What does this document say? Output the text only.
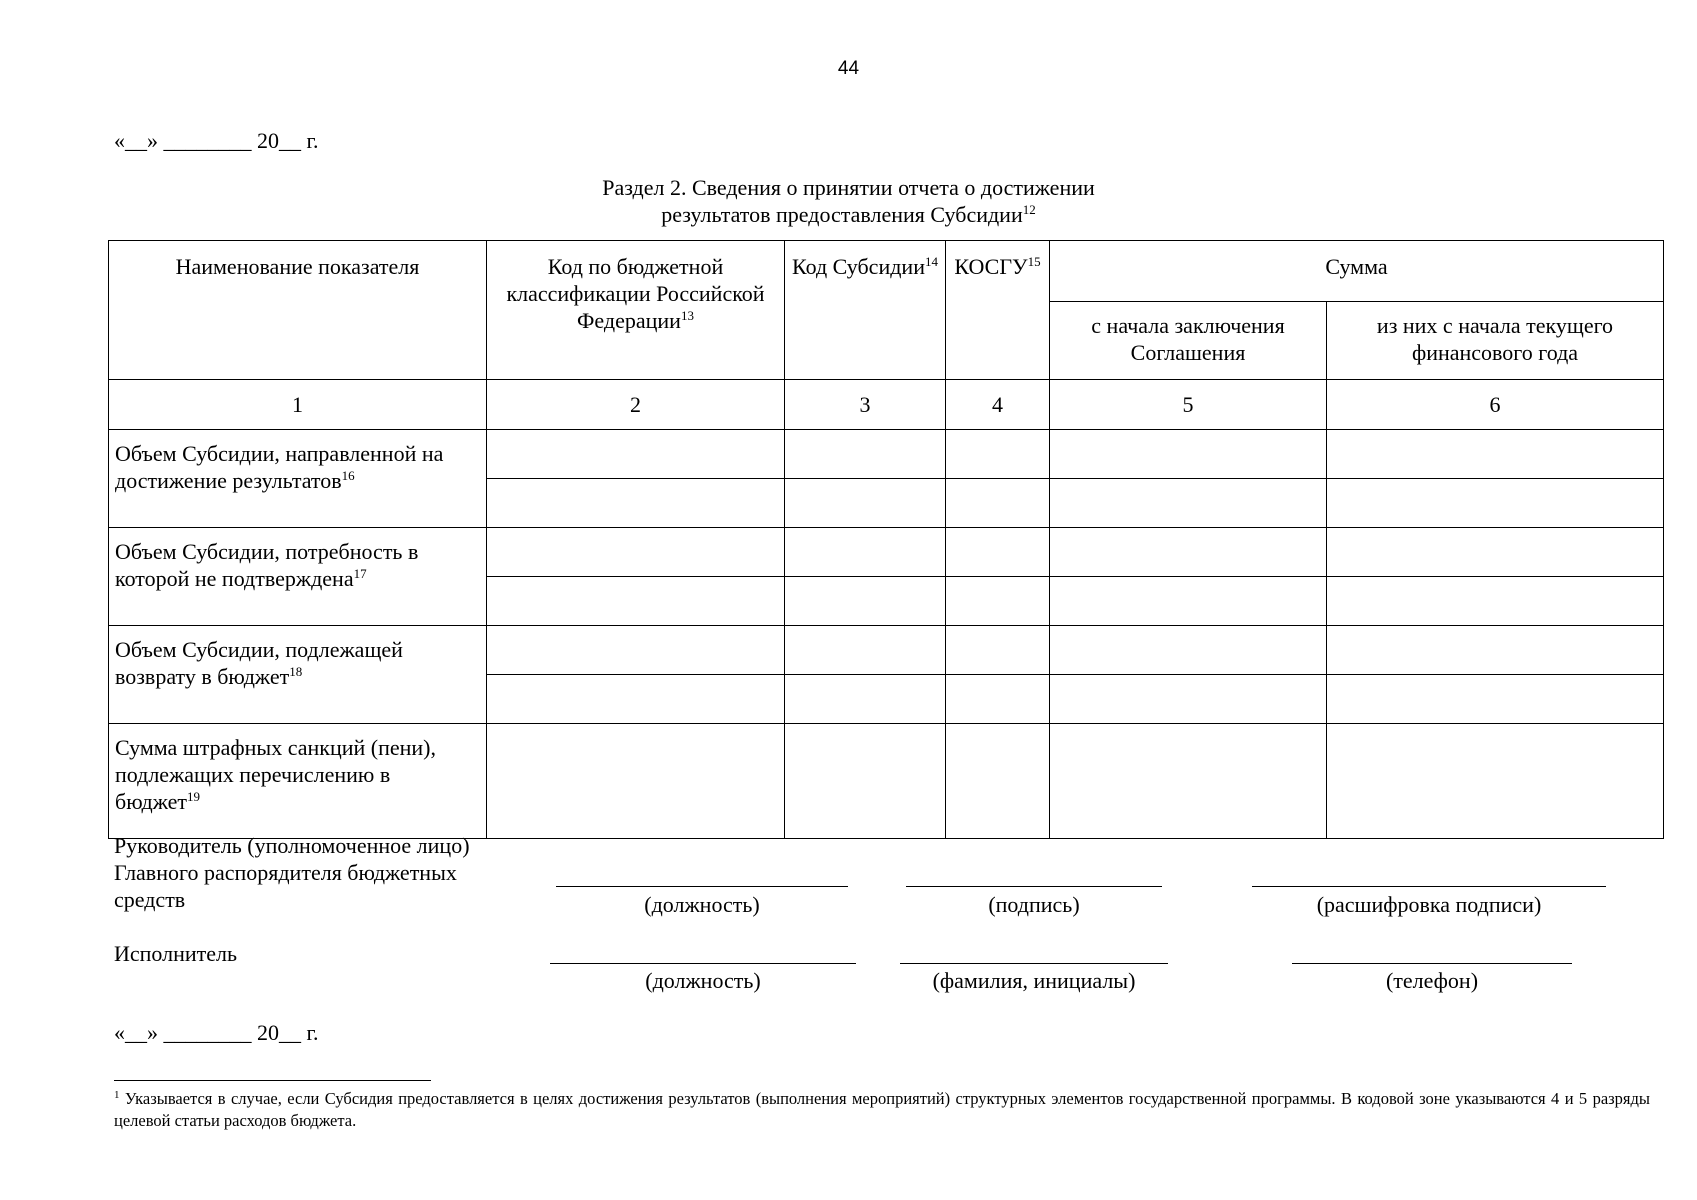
44
«__» ________ 20__ г.
Раздел 2. Сведения о принятии отчета о достижении
результатов предоставления Субсидии$^{12}$
Наименование показателя	Код по бюджетной классификации Российской Федерации$^{13}$	Код Субсидии$^{14}$	КОСГУ$^{15}$	Сумма	
				с начала заключения Соглашения	из них с начала текущего финансового года
1	2	3	4	5	6
Объем Субсидии, направленной на достижение результатов$^{16}$					

Объем Субсидии, потребность в которой не подтверждена$^{17}$					

Объем Субсидии, подлежащей возврату в бюджет$^{18}$					

Сумма штрафных санкций (пени), подлежащих перечислению в бюджет$^{19}$					
Руководитель (уполномоченное лицо) Главного распорядителя бюджетных средств	(должность)	(подпись)	(расшифровка подписи)
Исполнитель
(должность)	(фамилия, инициалы)	(телефон)
«__» ________ 20__ г.
$^1$ Указывается в случае, если Субсидия предоставляется в целях достижения результатов (выполнения мероприятий) структурных элементов государственной программы. В кодовой зоне указываются 4 и 5 разряды целевой статьи расходов бюджета.
